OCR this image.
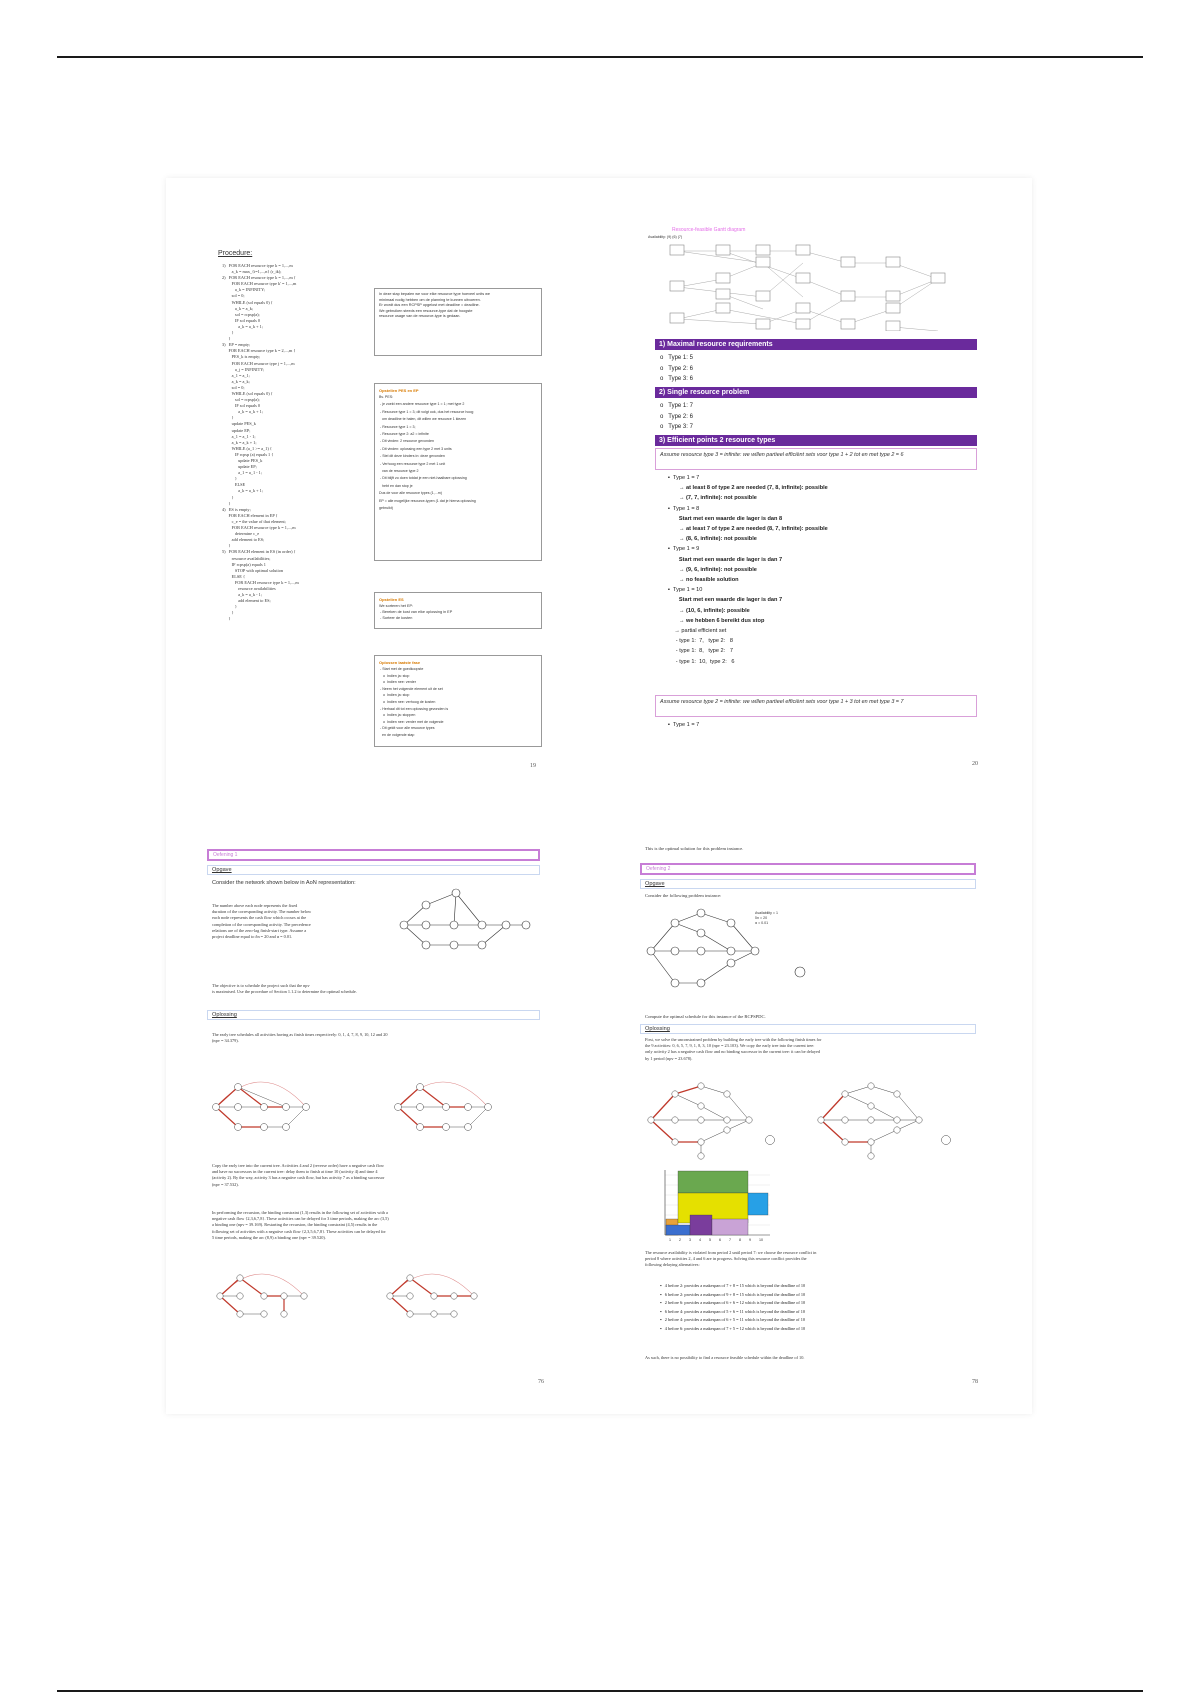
Procedure:
1)   FOR EACH resource type k = 1,...,m
a_k = max_{i=1,...,n} (r_ik);
2)   FOR EACH resource type k = 1,...,m {
FOR EACH resource type k' = 1,...,m
a_k = INFINITY;
sol = 0;
WHILE (sol equals 0) {
a_k = a_k;
sol = rcpsp(a);
IF sol equals 0
a_k = a_k + 1;
}
}
3)   EP = empty;
FOR EACH resource type k = 2,...,m {
PES_k is empty;
FOR EACH resource type j = 1,...,m
a_j = INFINITY;
a_1 = a_1;
a_k = a_k;
sol = 0;
WHILE (sol equals 0) {
sol = rcpsp(a);
IF sol equals 0
a_k = a_k + 1;
}
update PES_k
update EP;
a_1 = a_1 - 1;
a_k = a_k + 1;
WHILE (a_1 >= a_1) {
IF rcpsp (a) equals 1 {
update PES_k
update EP;
a_1 = a_1 - 1;
}
ELSE
a_k = a_k + 1;
}
}
4)   ES is empty;
FOR EACH element in EP {
c_e = the value of that element;
FOR EACH resource type k = 1,...,m
determine c_e
add element to ES;
}
5)   FOR EACH element in ES (in order) {
resource availabilities;
IF rcpsp(a) equals 1
STOP with optimal solution
ELSE {
FOR EACH resource type k = 1,...,m
resource availabilities
a_k = a_k - 1;
add element to ES;
}
}
}
In deze stap bepalen we voor elke resource type hoeveel units we
minimaal nodig hebben om de planning te kunnen uitvoeren.
Er wordt dus een RCPSP opgelost met deadline = deadline.
We gebruiken steeds een resource-type dat de hoogste
resource usage van de resource-type is gedaan.
Opstellen PES en EP
Bv. PES:
- je zoekt een andere resource type 1 = 1; met type 2
- Resource type 1 = 3; dit volgt ook, dus het resource hoog
om deadline te halen, dit willen we resource 1 kiezen
- Resource type 1 = 3;
- Resource type 2: a2 = infinite
- Dit vinden: 2 resource gevonden
- Dit vinden: oplossing een type 2 met 3 units
- Stel dit deze kinders in: deze gevonden
- Verhoog een resource type 2 met 1 unit
van de resource type 2
- Dit blijft zo doen totdat je een niet-haalbare oplossing
hebt en dan stop je
Dus de voor alle resource types (1,...m)
EP = alle mogelijke resource-typen (1 dat je hierna oplossing
gebruikt)
Opstellen ES
We sorteren het EP:
- Bereken de kost van elke oplossing in EP
- Sorteer de kosten
Oplossen laatste fase
- Start met de goedkoopste
o  Indien ja: stop
o  Indien nee: verder
- Neem het volgende element uit de set
o  Indien ja: stop
o  Indien nee: verhoog de kosten
- Herhaal dit tot een oplossing gevonden is
o  Indien ja: stoppen
o  Indien nee: verder met de volgende
- Dit geldt voor alle resource types
en de volgende stap
19
Resource-feasible Gantt diagram
Availability: (9) (6) (7)
1) Maximal resource requirements
o   Type 1: 5
o   Type 2: 6
o   Type 3: 6
2) Single resource problem
o   Type 1: 7
o   Type 2: 6
o   Type 3: 7
3) Efficient points 2 resource types
Assume resource type 3 = infinite: we willen partieel efficiënt sets voor type 1 + 2 tot en met type 2 = 6
▪  Type 1 = 7
→ at least 8 of type 2 are needed (7, 8, infinite): possible
→ (7, 7, infinite): not possible
▪  Type 1 = 8
Start met een waarde die lager is dan 8
→ at least 7 of type 2 are needed (8, 7, infinite): possible
→ (8, 6, infinite): not possible
▪  Type 1 = 9
Start met een waarde die lager is dan 7
→ (9, 6, infinite): not possible
→ no feasible solution
▪  Type 1 = 10
Start met een waarde die lager is dan 7
→ (10, 6, infinite): possible
→ we hebben 6 bereikt dus stop
→ partial efficient set
- type 1:  7,   type 2:   8
- type 1:  8,   type 2:   7
- type 1:  10,  type 2:   6
Assume resource type 2 = infinite: we willen partieel efficiënt sets voor type 1 + 3 tot en met type 3 = 7
▪  Type 1 = 7
20
Oefening 1
Opgave
Consider the network shown below in AoN representation:
The number above each node represents the fixed
duration of the corresponding activity. The number below
each node represents the cash flow which occurs at the
completion of the corresponding activity. The precedence
relations are of the zero-lag finish-start type. Assume a
project deadline equal to δn = 20 and α = 0.01.
The objective is to schedule the project such that the npv
is maximised. Use the procedure of Section 1.1.2 to determine the optimal schedule.
Oplossing
The early tree schedules all activities having as finish times respectively: 0, 1, 4, 7, 8, 9, 10, 12 and 20
(npv = 34.379).
Copy the early tree into the current tree. Activities 4 and 2 (reverse order) have a negative cash flow
and have no successors in the current tree: delay them to finish at time 10 (activity 4) and time 4
(activity 2). By the way, activity 3 has a negative cash flow, but has activity 7 as a binding successor
(npv = 37.532).
In performing the recursion, the binding constraint (1,3) results in the following set of activities with a
negative cash flow {2,3,6,7,8}. These activities can be delayed for 3 time periods, making the arc (3,5)
a binding one (npv = 39.169). Restarting the recursion, the binding constraint (4,5) results in the
following set of activities with a negative cash flow {2,3,5,6,7,8}. These activities can be delayed for
5 time periods, making the arc (8,9) a binding one (npv = 39.520).
76
This is the optimal solution for this problem instance.
Oefening 2
Opgave
Consider the following problem instance:
Availability = 1
δn = 20
α = 0.01
Compute the optimal schedule for this instance of the RCPSPDC.
Oplossing
First, we solve the unconstrained problem by building the early tree with the following finish times for
the 9 activities: 0, 6, 5, 7, 9, 1, 8, 3, 10 (npv = 23.103). We copy the early tree into the current tree:
only activity 2 has a negative cash flow and no binding successor in the current tree: it can be delayed
by 1 period (npv = 23.678).
1 2 3 4 5 6 7 8 9 10
The resource availability is violated from period 2 until period 7: we choose the resource conflict in
period 8 where activities 2, 4 and 6 are in progress. Solving this resource conflict provides the
following delaying alternatives:
▪   4 before 2: provides a makespan of 7 + 8 = 15 which is beyond the deadline of 10
▪   6 before 2: provides a makespan of 9 + 8 = 15 which is beyond the deadline of 10
▪   2 before 6: provides a makespan of 6 + 6 = 12 which is beyond the deadline of 10
▪   6 before 4: provides a makespan of 5 + 6 = 11 which is beyond the deadline of 10
▪   2 before 4: provides a makespan of 6 + 5 = 11 which is beyond the deadline of 10
▪   4 before 6: provides a makespan of 7 + 5 = 12 which is beyond the deadline of 10
As such, there is no possibility to find a resource feasible schedule within the deadline of 10.
78
